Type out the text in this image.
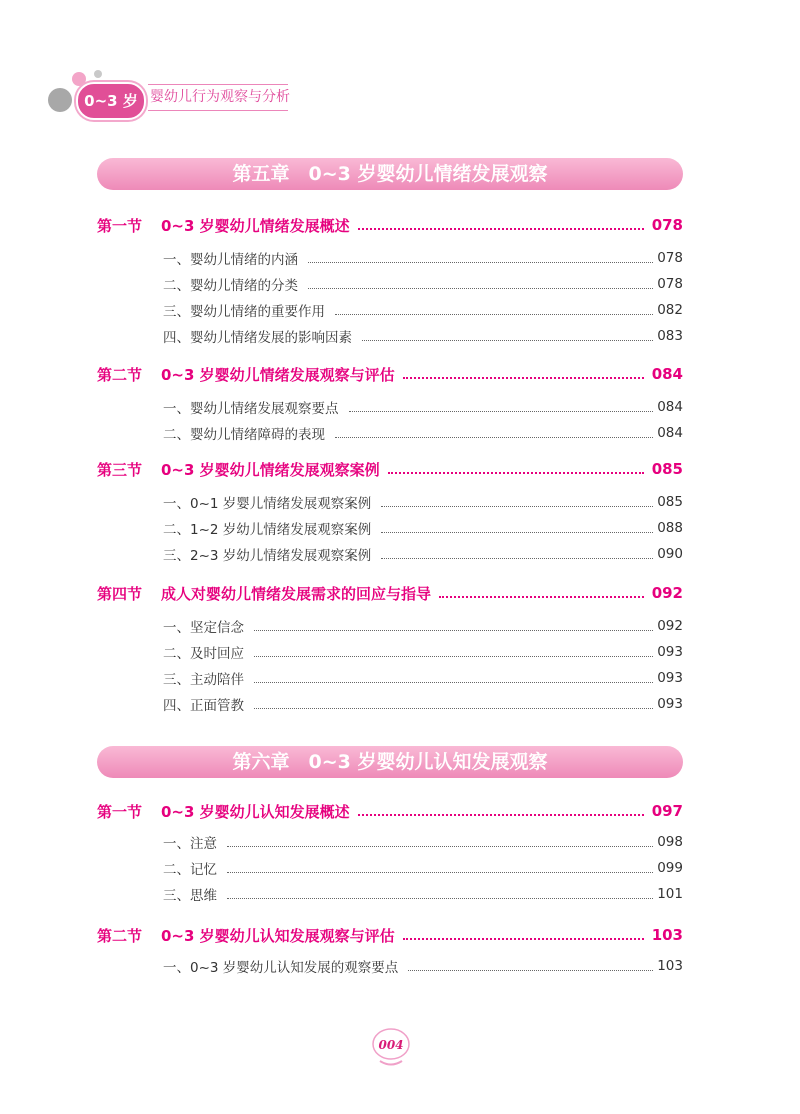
0~3 岁 婴幼儿行为观察与分析
第五章　0~3 岁婴幼儿情绪发展观察
第一节	0~3 岁婴幼儿情绪发展概述	078
一、婴幼儿情绪的内涵	078
二、婴幼儿情绪的分类	078
三、婴幼儿情绪的重要作用	082
四、婴幼儿情绪发展的影响因素	083
第二节	0~3 岁婴幼儿情绪发展观察与评估	084
一、婴幼儿情绪发展观察要点	084
二、婴幼儿情绪障碍的表现	084
第三节	0~3 岁婴幼儿情绪发展观察案例	085
一、0~1 岁婴儿情绪发展观察案例	085
二、1~2 岁幼儿情绪发展观察案例	088
三、2~3 岁幼儿情绪发展观察案例	090
第四节	成人对婴幼儿情绪发展需求的回应与指导	092
一、坚定信念	092
二、及时回应	093
三、主动陪伴	093
四、正面管教	093
第六章　0~3 岁婴幼儿认知发展观察
第一节	0~3 岁婴幼儿认知发展概述	097
一、注意	098
二、记忆	099
三、思维	101
第二节	0~3 岁婴幼儿认知发展观察与评估	103
一、0~3 岁婴幼儿认知发展的观察要点	103
004
